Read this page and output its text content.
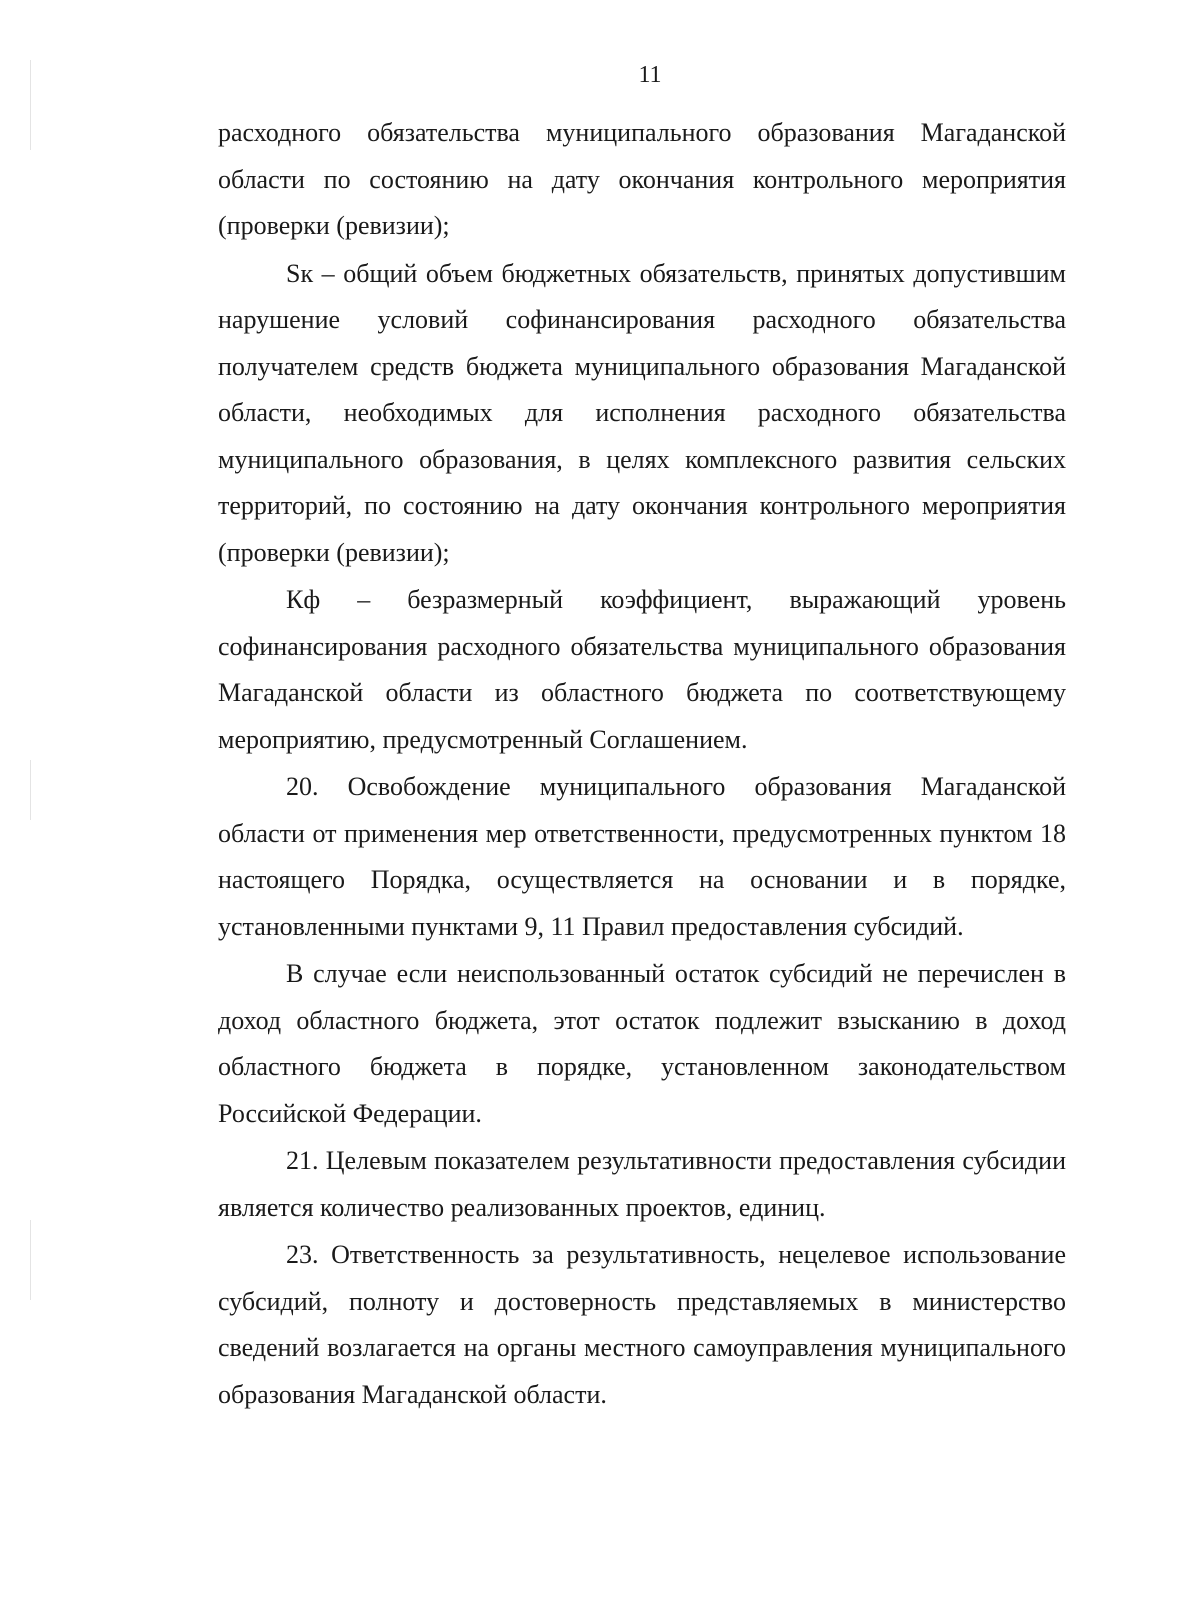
11

расходного обязательства муниципального образования Магаданской области по состоянию на дату окончания контрольного мероприятия (проверки (ревизии);

Sк – общий объем бюджетных обязательств, принятых допустившим нарушение условий софинансирования расходного обязательства получателем средств бюджета муниципального образования Магаданской области, необходимых для исполнения расходного обязательства муниципального образования, в целях комплексного развития сельских территорий, по состоянию на дату окончания контрольного мероприятия (проверки (ревизии);

Кф – безразмерный коэффициент, выражающий уровень софинансирования расходного обязательства муниципального образования Магаданской области из областного бюджета по соответствующему мероприятию, предусмотренный Соглашением.

20. Освобождение муниципального образования Магаданской области от применения мер ответственности, предусмотренных пунктом 18 настоящего Порядка, осуществляется на основании и в порядке, установленными пунктами 9, 11 Правил предоставления субсидий.

В случае если неиспользованный остаток субсидий не перечислен в доход областного бюджета, этот остаток подлежит взысканию в доход областного бюджета в порядке, установленном законодательством Российской Федерации.

21. Целевым показателем результативности предоставления субсидии является количество реализованных проектов, единиц.

23. Ответственность за результативность, нецелевое использование субсидий, полноту и достоверность представляемых в министерство сведений возлагается на органы местного самоуправления муниципального образования Магаданской области.
